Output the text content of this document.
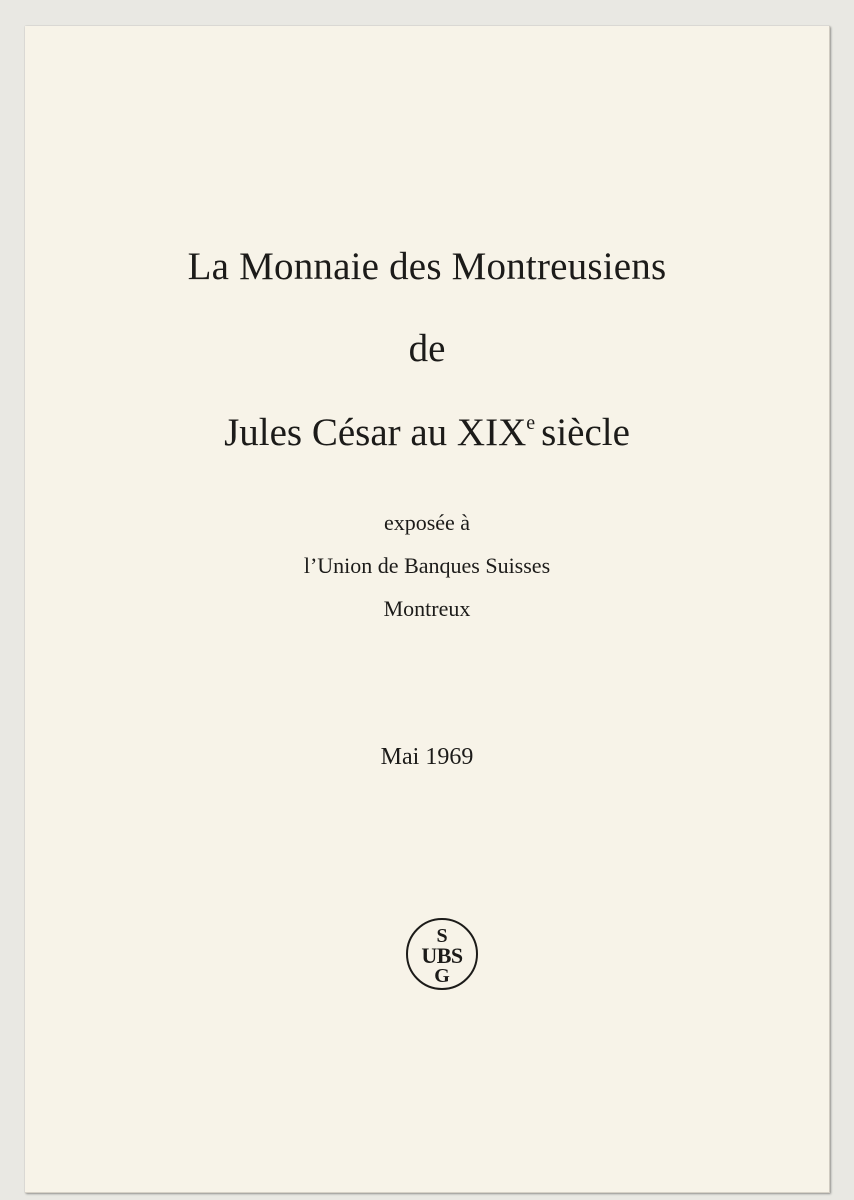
La Monnaie des Montreusiens
de
Jules César au XIXe siècle

exposée à

l’Union de Banques Suisses

Montreux

Mai 1969
S
UBS
G
